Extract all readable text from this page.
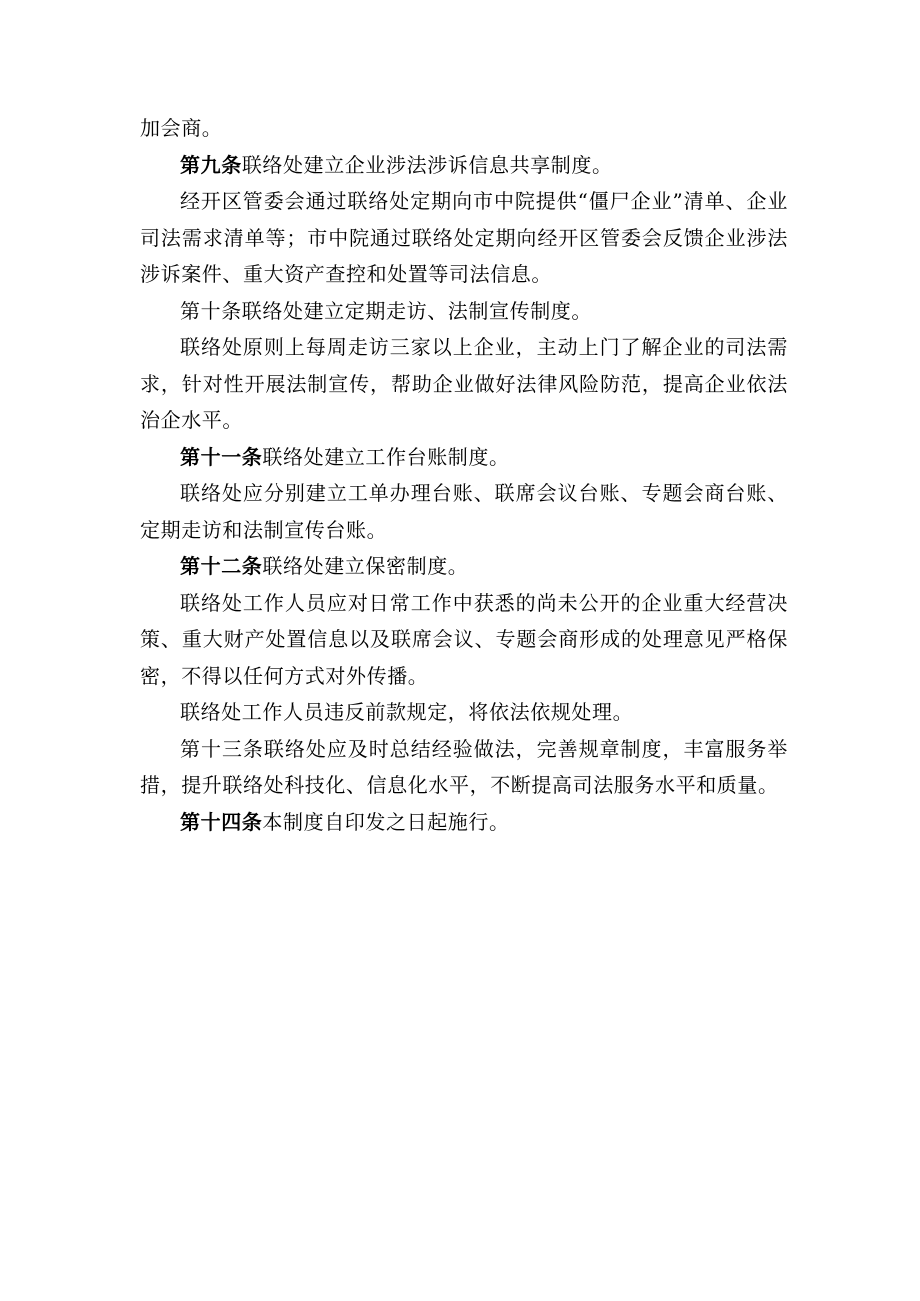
加会商。

第九条联络处建立企业涉法涉诉信息共享制度。

经开区管委会通过联络处定期向市中院提供“僵尸企业”清单、企业司法需求清单等；市中院通过联络处定期向经开区管委会反馈企业涉法涉诉案件、重大资产查控和处置等司法信息。

第十条联络处建立定期走访、法制宣传制度。

联络处原则上每周走访三家以上企业，主动上门了解企业的司法需求，针对性开展法制宣传，帮助企业做好法律风险防范，提高企业依法治企水平。

第十一条联络处建立工作台账制度。

联络处应分别建立工单办理台账、联席会议台账、专题会商台账、定期走访和法制宣传台账。

第十二条联络处建立保密制度。

联络处工作人员应对日常工作中获悉的尚未公开的企业重大经营决策、重大财产处置信息以及联席会议、专题会商形成的处理意见严格保密，不得以任何方式对外传播。

联络处工作人员违反前款规定，将依法依规处理。

第十三条联络处应及时总结经验做法，完善规章制度，丰富服务举措，提升联络处科技化、信息化水平，不断提高司法服务水平和质量。

第十四条本制度自印发之日起施行。
